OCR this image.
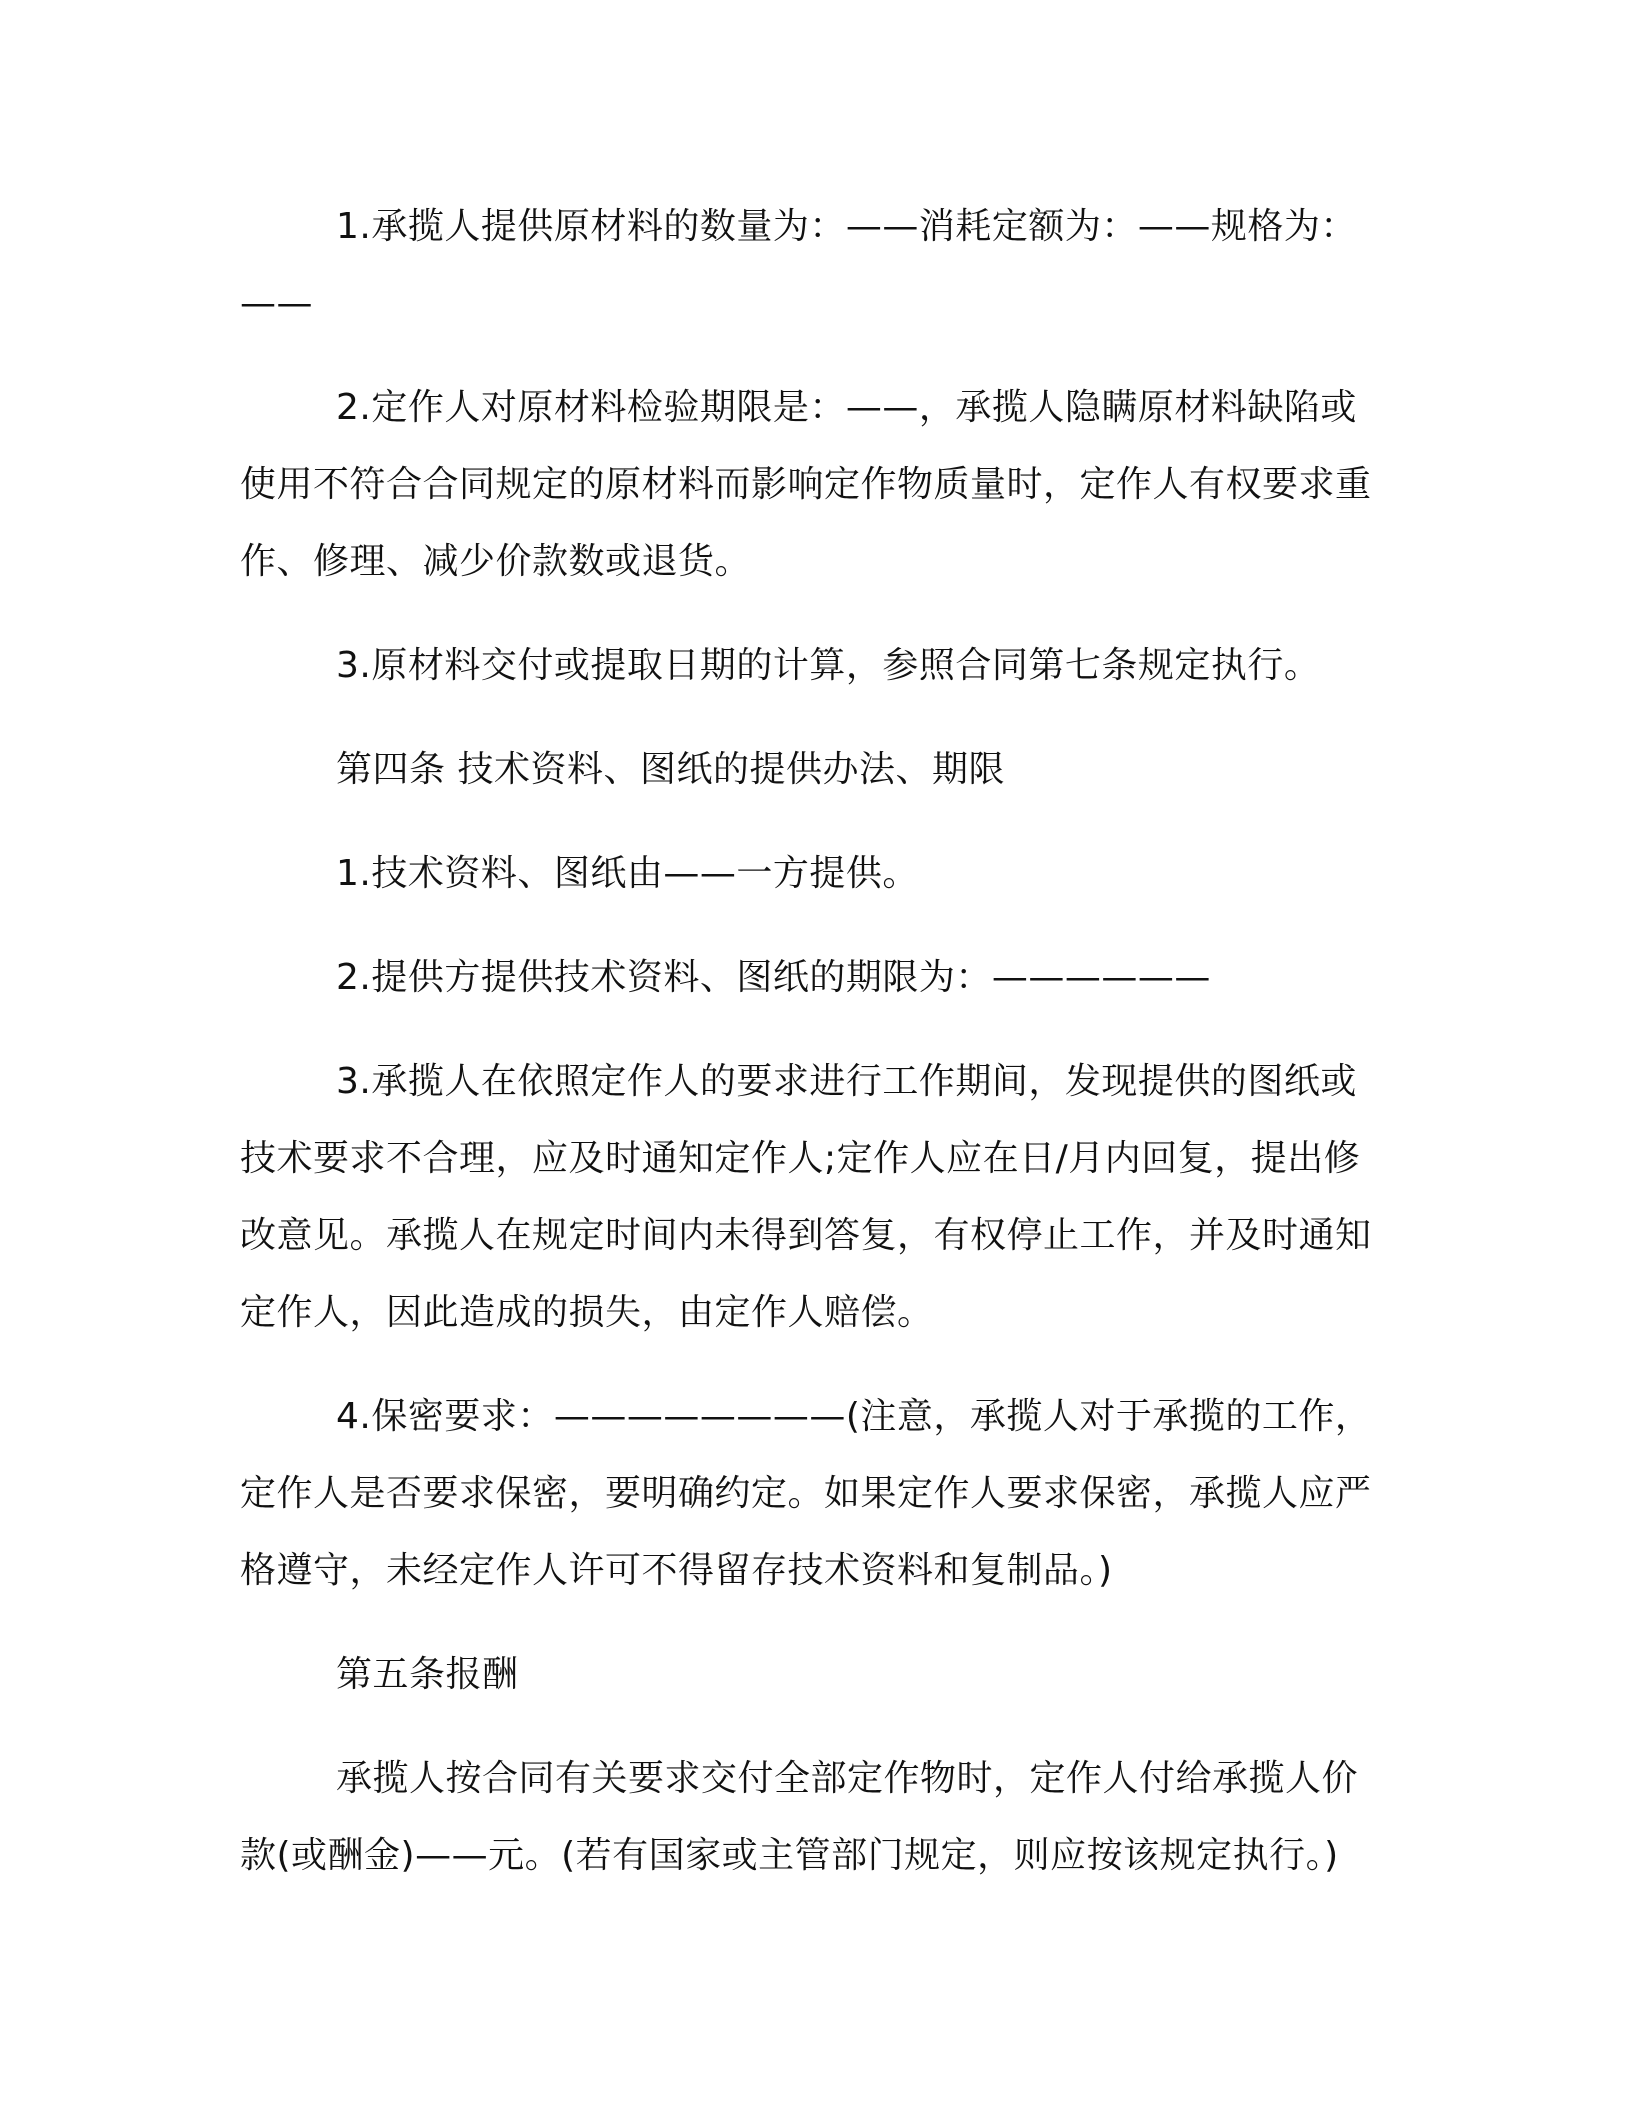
1.承揽人提供原材料的数量为：——消耗定额为：——规格为：——

2.定作人对原材料检验期限是：——，承揽人隐瞒原材料缺陷或使用不符合合同规定的原材料而影响定作物质量时，定作人有权要求重作、修理、减少价款数或退货。

3.原材料交付或提取日期的计算，参照合同第七条规定执行。

第四条 技术资料、图纸的提供办法、期限

1.技术资料、图纸由——一方提供。

2.提供方提供技术资料、图纸的期限为：——————

3.承揽人在依照定作人的要求进行工作期间，发现提供的图纸或技术要求不合理，应及时通知定作人;定作人应在日/月内回复，提出修改意见。承揽人在规定时间内未得到答复，有权停止工作，并及时通知定作人，因此造成的损失，由定作人赔偿。

4.保密要求：————————(注意，承揽人对于承揽的工作，定作人是否要求保密，要明确约定。如果定作人要求保密，承揽人应严格遵守，未经定作人许可不得留存技术资料和复制品。)

第五条报酬

承揽人按合同有关要求交付全部定作物时，定作人付给承揽人价款(或酬金)——元。(若有国家或主管部门规定，则应按该规定执行。)
